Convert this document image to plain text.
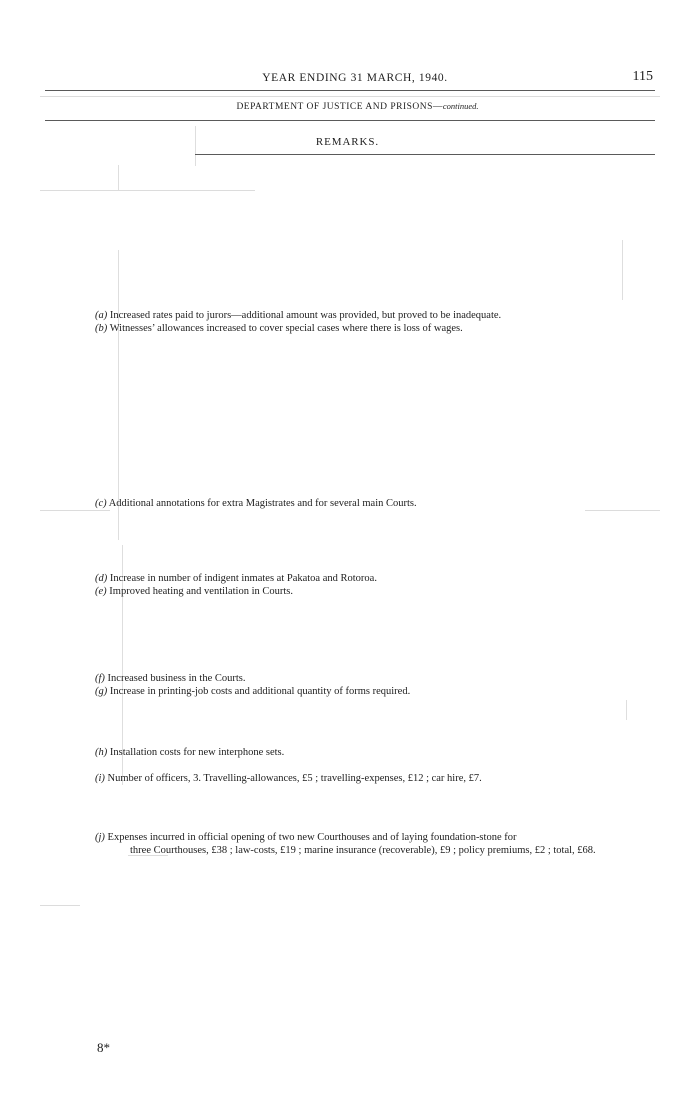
YEAR ENDING 31 MARCH, 1940.	115
DEPARTMENT OF JUSTICE AND PRISONS—continued.
REMARKS.
(a) Increased rates paid to jurors—additional amount was provided, but proved to be inadequate.
(b) Witnesses’ allowances increased to cover special cases where there is loss of wages.
(c) Additional annotations for extra Magistrates and for several main Courts.
(d) Increase in number of indigent inmates at Pakatoa and Rotoroa.
(e) Improved heating and ventilation in Courts.
(f) Increased business in the Courts.
(g) Increase in printing-job costs and additional quantity of forms required.
(h) Installation costs for new interphone sets.
(i) Number of officers, 3. Travelling-allowances, £5 ; travelling-expenses, £12 ; car hire, £7.
(j) Expenses incurred in official opening of two new Courthouses and of laying foundation-stone for
three Courthouses, £38 ; law-costs, £19 ; marine insurance (recoverable), £9 ; policy premiums, £2 ; total, £68.
8*
